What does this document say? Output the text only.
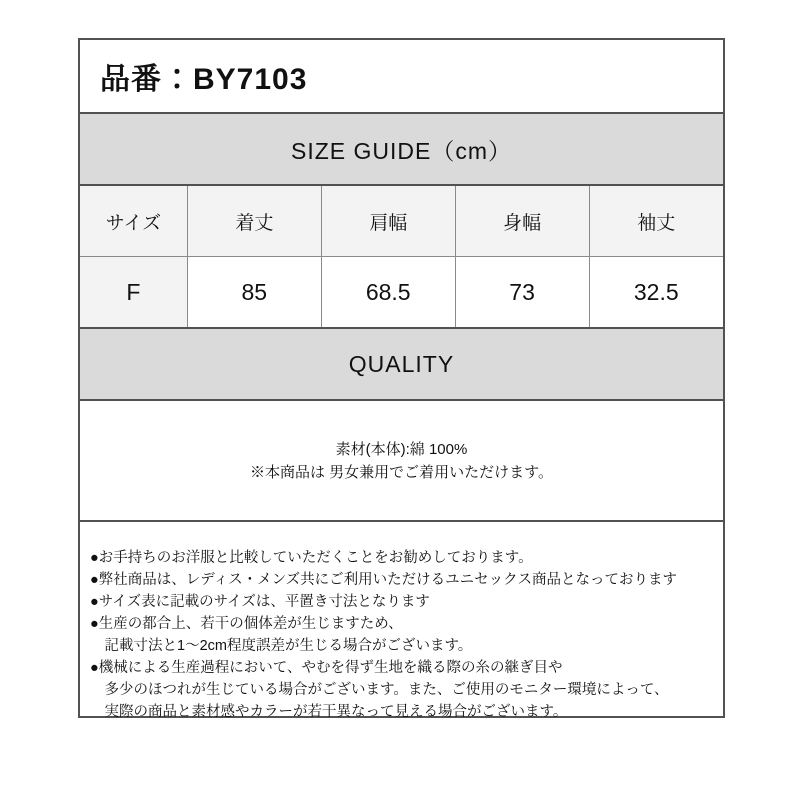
品番：BY7103
SIZE GUIDE（cm）
サイズ	着丈	肩幅	身幅	袖丈
F	85	68.5	73	32.5
QUALITY
素材(本体):綿 100%
※本商品は 男女兼用でご着用いただけます。
●お手持ちのお洋服と比較していただくことをお勧めしております。
●弊社商品は、レディス・メンズ共にご利用いただけるユニセックス商品となっております
●サイズ表に記載のサイズは、平置き寸法となります
●生産の都合上、若干の個体差が生じますため、
　記載寸法と1～2cm程度誤差が生じる場合がございます。
●機械による生産過程において、やむを得ず生地を織る際の糸の継ぎ目や
　多少のほつれが生じている場合がございます。また、ご使用のモニター環境によって、
　実際の商品と素材感やカラーが若干異なって見える場合がございます。
